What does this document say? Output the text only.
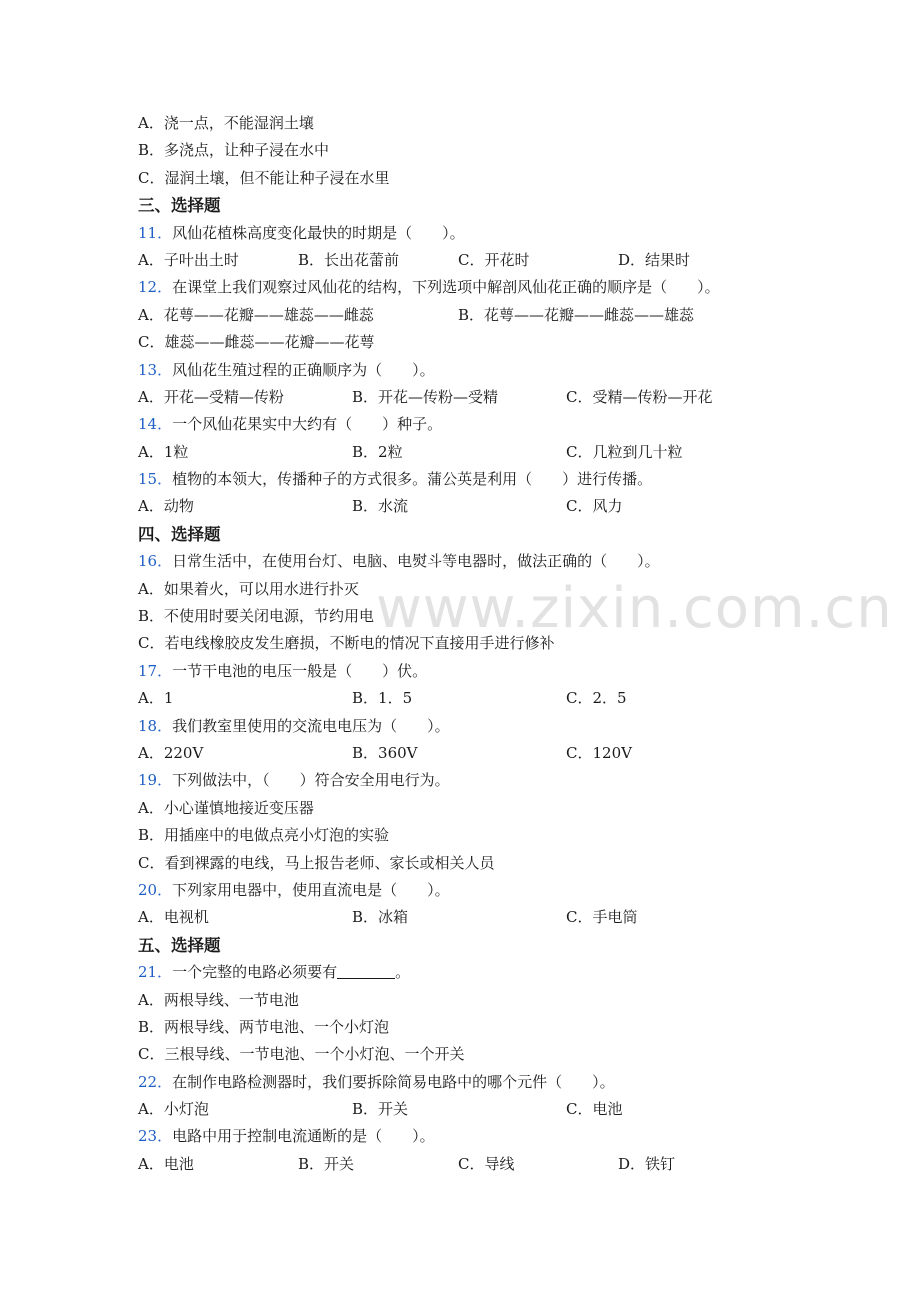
www.zixin.com.cn
A．浇一点，不能湿润土壤
B．多浇点，让种子浸在水中
C．湿润土壤，但不能让种子浸在水里
三、选择题
11．风仙花植株高度变化最快的时期是（　　）。
A．子叶出土时	B．长出花蕾前	C．开花时	D．结果时
12．在课堂上我们观察过风仙花的结构，下列选项中解剖风仙花正确的顺序是（　　）。
A．花萼——花瓣——雄蕊——雌蕊	B．花萼——花瓣——雌蕊——雄蕊
C．雄蕊——雌蕊——花瓣——花萼
13．风仙花生殖过程的正确顺序为（　　）。
A．开花—受精—传粉	B．开花—传粉—受精	C．受精—传粉—开花
14．一个风仙花果实中大约有（　　）种子。
A．1粒	B．2粒	C．几粒到几十粒
15．植物的本领大，传播种子的方式很多。蒲公英是利用（　　）进行传播。
A．动物	B．水流	C．风力
四、选择题
16．日常生活中，在使用台灯、电脑、电熨斗等电器时，做法正确的（　　）。
A．如果着火，可以用水进行扑灭
B．不使用时要关闭电源，节约用电
C．若电线橡胶皮发生磨损，不断电的情况下直接用手进行修补
17．一节干电池的电压一般是（　　）伏。
A．1	B．1．5	C．2．5
18．我们教室里使用的交流电电压为（　　）。
A．220V	B．360V	C．120V
19．下列做法中，（　　）符合安全用电行为。
A．小心谨慎地接近变压器
B．用插座中的电做点亮小灯泡的实验
C．看到裸露的电线，马上报告老师、家长或相关人员
20．下列家用电器中，使用直流电是（　　）。
A．电视机	B．冰箱	C．手电筒
五、选择题
21．一个完整的电路必须要有	。
A．两根导线、一节电池
B．两根导线、两节电池、一个小灯泡
C．三根导线、一节电池、一个小灯泡、一个开关
22．在制作电路检测器时，我们要拆除简易电路中的哪个元件（　　）。
A．小灯泡	B．开关	C．电池
23．电路中用于控制电流通断的是（　　）。
A．电池	B．开关	C．导线	D．铁钉
